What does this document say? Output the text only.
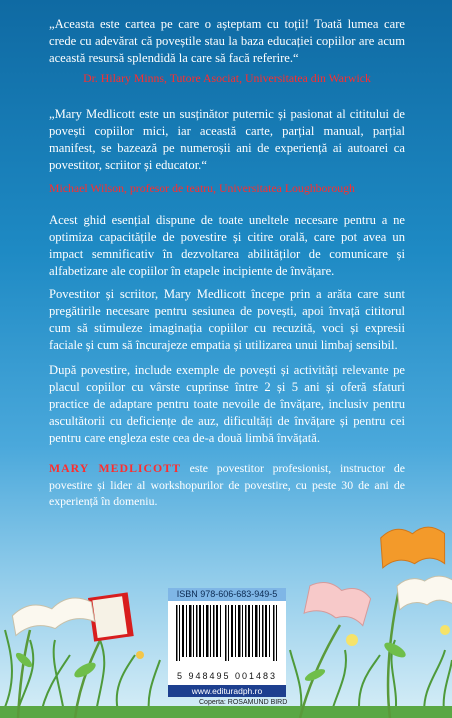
„Aceasta este cartea pe care o așteptam cu toții! Toată lumea care crede cu adevărat că poveștile stau la baza educației copiilor are acum această resursă splendidă la care să facă referire.“
Dr. Hilary Minns, Tutore Asociat, Universitatea din Warwick
„Mary Medlicott este un susținător puternic și pasionat al cititului de povești copiilor mici, iar această carte, parțial manual, parțial manifest, se bazează pe numeroșii ani de experiență ai autoarei ca povestitor, scriitor și educator.“
Michael Wilson, profesor de teatru, Universitatea Loughborough
Acest ghid esențial dispune de toate uneltele necesare pentru a ne optimiza capacitățile de povestire și citire orală, care pot avea un impact semnificativ în dezvoltarea abilităților de comunicare și alfabetizare ale copiilor în etapele incipiente de învățare.
Povestitor și scriitor, Mary Medlicott începe prin a arăta care sunt pregătirile necesare pentru sesiunea de povești, apoi învață cititorul cum să stimuleze imaginația copiilor cu recuzită, voci și expresii faciale și cum să încurajeze empatia și utilizarea unui limbaj sensibil.
După povestire, include exemple de povești și activități relevante pe placul copiilor cu vârste cuprinse între 2 și 5 ani și oferă sfaturi practice de adaptare pentru toate nevoile de învățare, inclusiv pentru ascultătorii cu deficiențe de auz, dificultăți de învățare și pentru cei pentru care engleza este cea de-a două limbă învățată.
MARY MEDLICOTT este povestitor profesionist, instructor de povestire și lider al workshopurilor de povestire, cu peste 30 de ani de experiență în domeniu.
ISBN 978-606-683-949-5
5 948495 001483
www.edituradph.ro
Coperta: ROSAMUND BIRD
